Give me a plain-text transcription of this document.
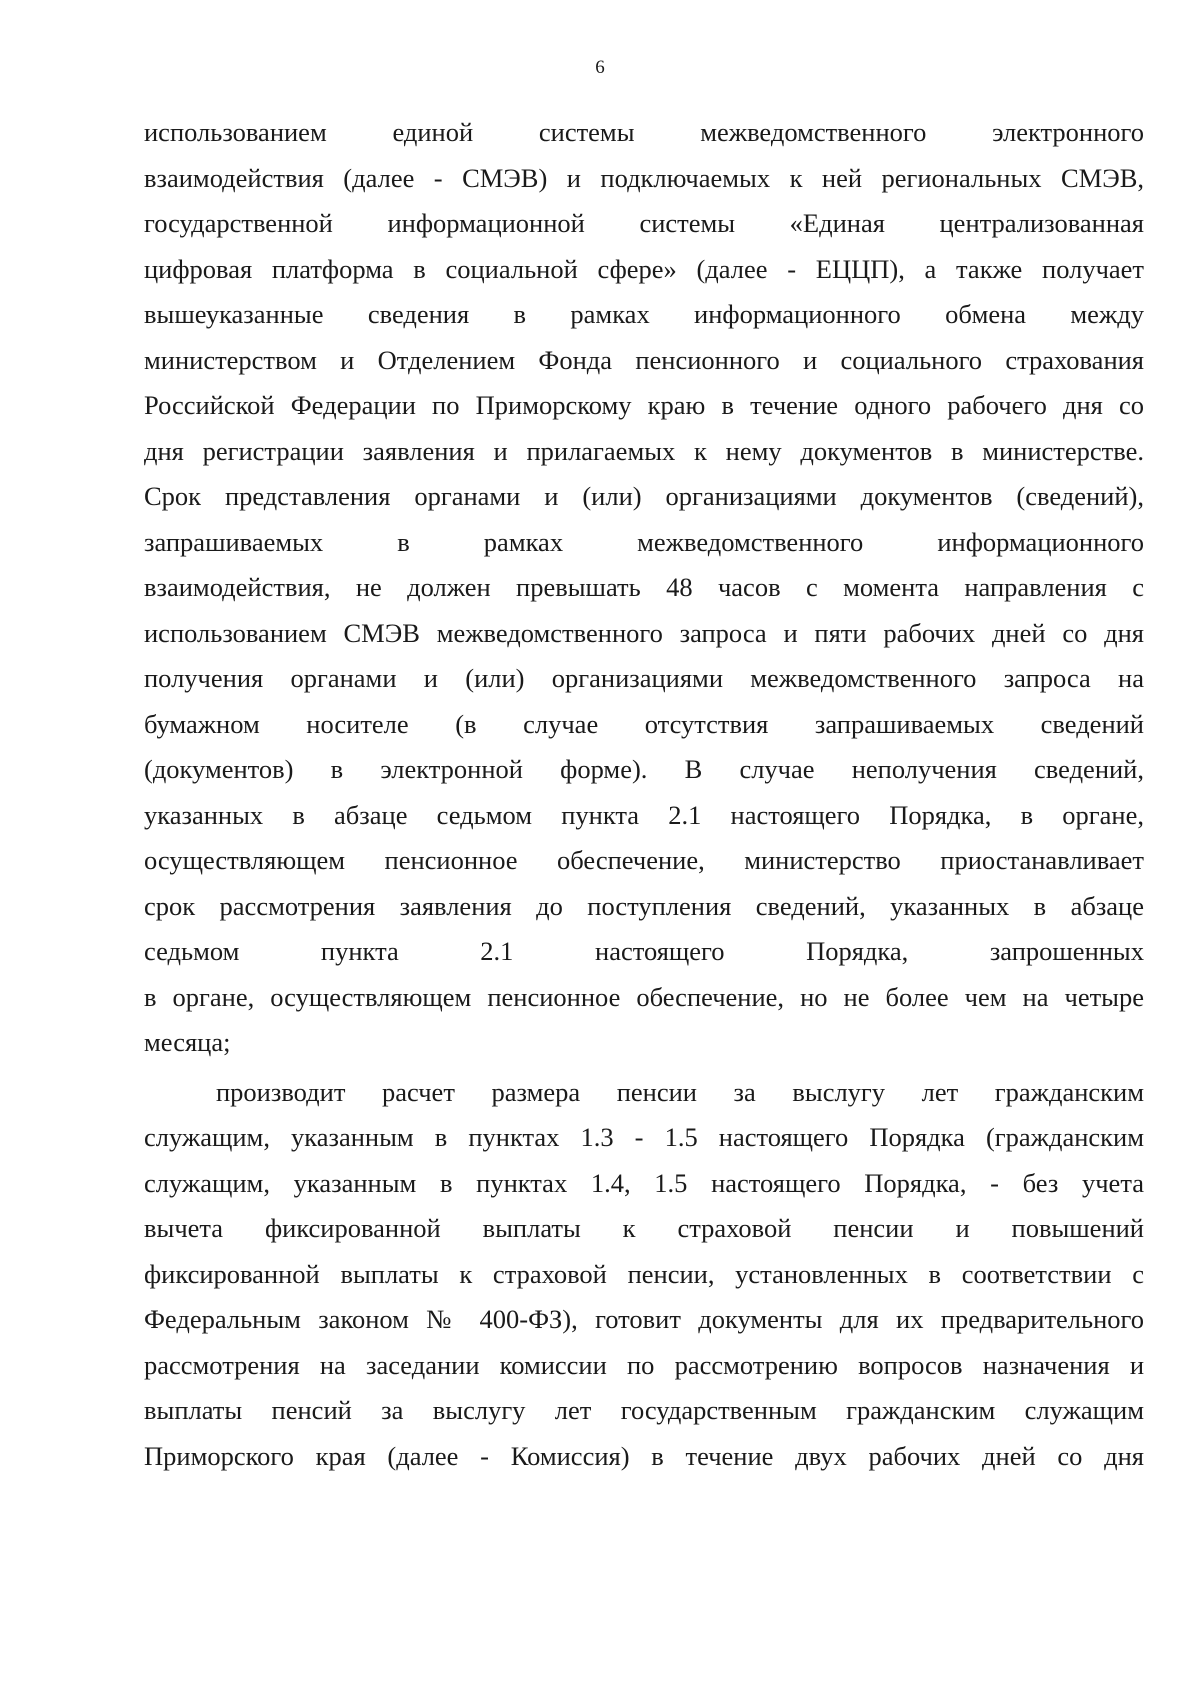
6
использованием единой системы межведомственного электронного
взаимодействия (далее - СМЭВ) и подключаемых к ней региональных СМЭВ,
государственной информационной системы «Единая централизованная
цифровая платформа в социальной сфере» (далее - ЕЦЦП), а также получает
вышеуказанные сведения в рамках информационного обмена между
министерством и Отделением Фонда пенсионного и социального страхования
Российской Федерации по Приморскому краю в течение одного рабочего дня со
дня регистрации заявления и прилагаемых к нему документов в министерстве.
Срок представления органами и (или) организациями документов (сведений),
запрашиваемых в рамках межведомственного информационного
взаимодействия, не должен превышать 48 часов с момента направления с
использованием СМЭВ межведомственного запроса и пяти рабочих дней со дня
получения органами и (или) организациями межведомственного запроса на
бумажном носителе (в случае отсутствия запрашиваемых сведений
(документов) в электронной форме). В случае неполучения сведений,
указанных в абзаце седьмом пункта 2.1 настоящего Порядка, в органе,
осуществляющем пенсионное обеспечение, министерство приостанавливает
срок рассмотрения заявления до поступления сведений, указанных в абзаце
седьмом пункта 2.1 настоящего Порядка, запрошенных
в органе, осуществляющем пенсионное обеспечение, но не более чем на четыре
месяца;
производит расчет размера пенсии за выслугу лет гражданским
служащим, указанным в пунктах 1.3 - 1.5 настоящего Порядка (гражданским
служащим, указанным в пунктах 1.4, 1.5 настоящего Порядка, - без учета
вычета фиксированной выплаты к страховой пенсии и повышений
фиксированной выплаты к страховой пенсии, установленных в соответствии с
Федеральным законом № 400-ФЗ), готовит документы для их предварительного
рассмотрения на заседании комиссии по рассмотрению вопросов назначения и
выплаты пенсий за выслугу лет государственным гражданским служащим
Приморского края (далее - Комиссия) в течение двух рабочих дней со дня
